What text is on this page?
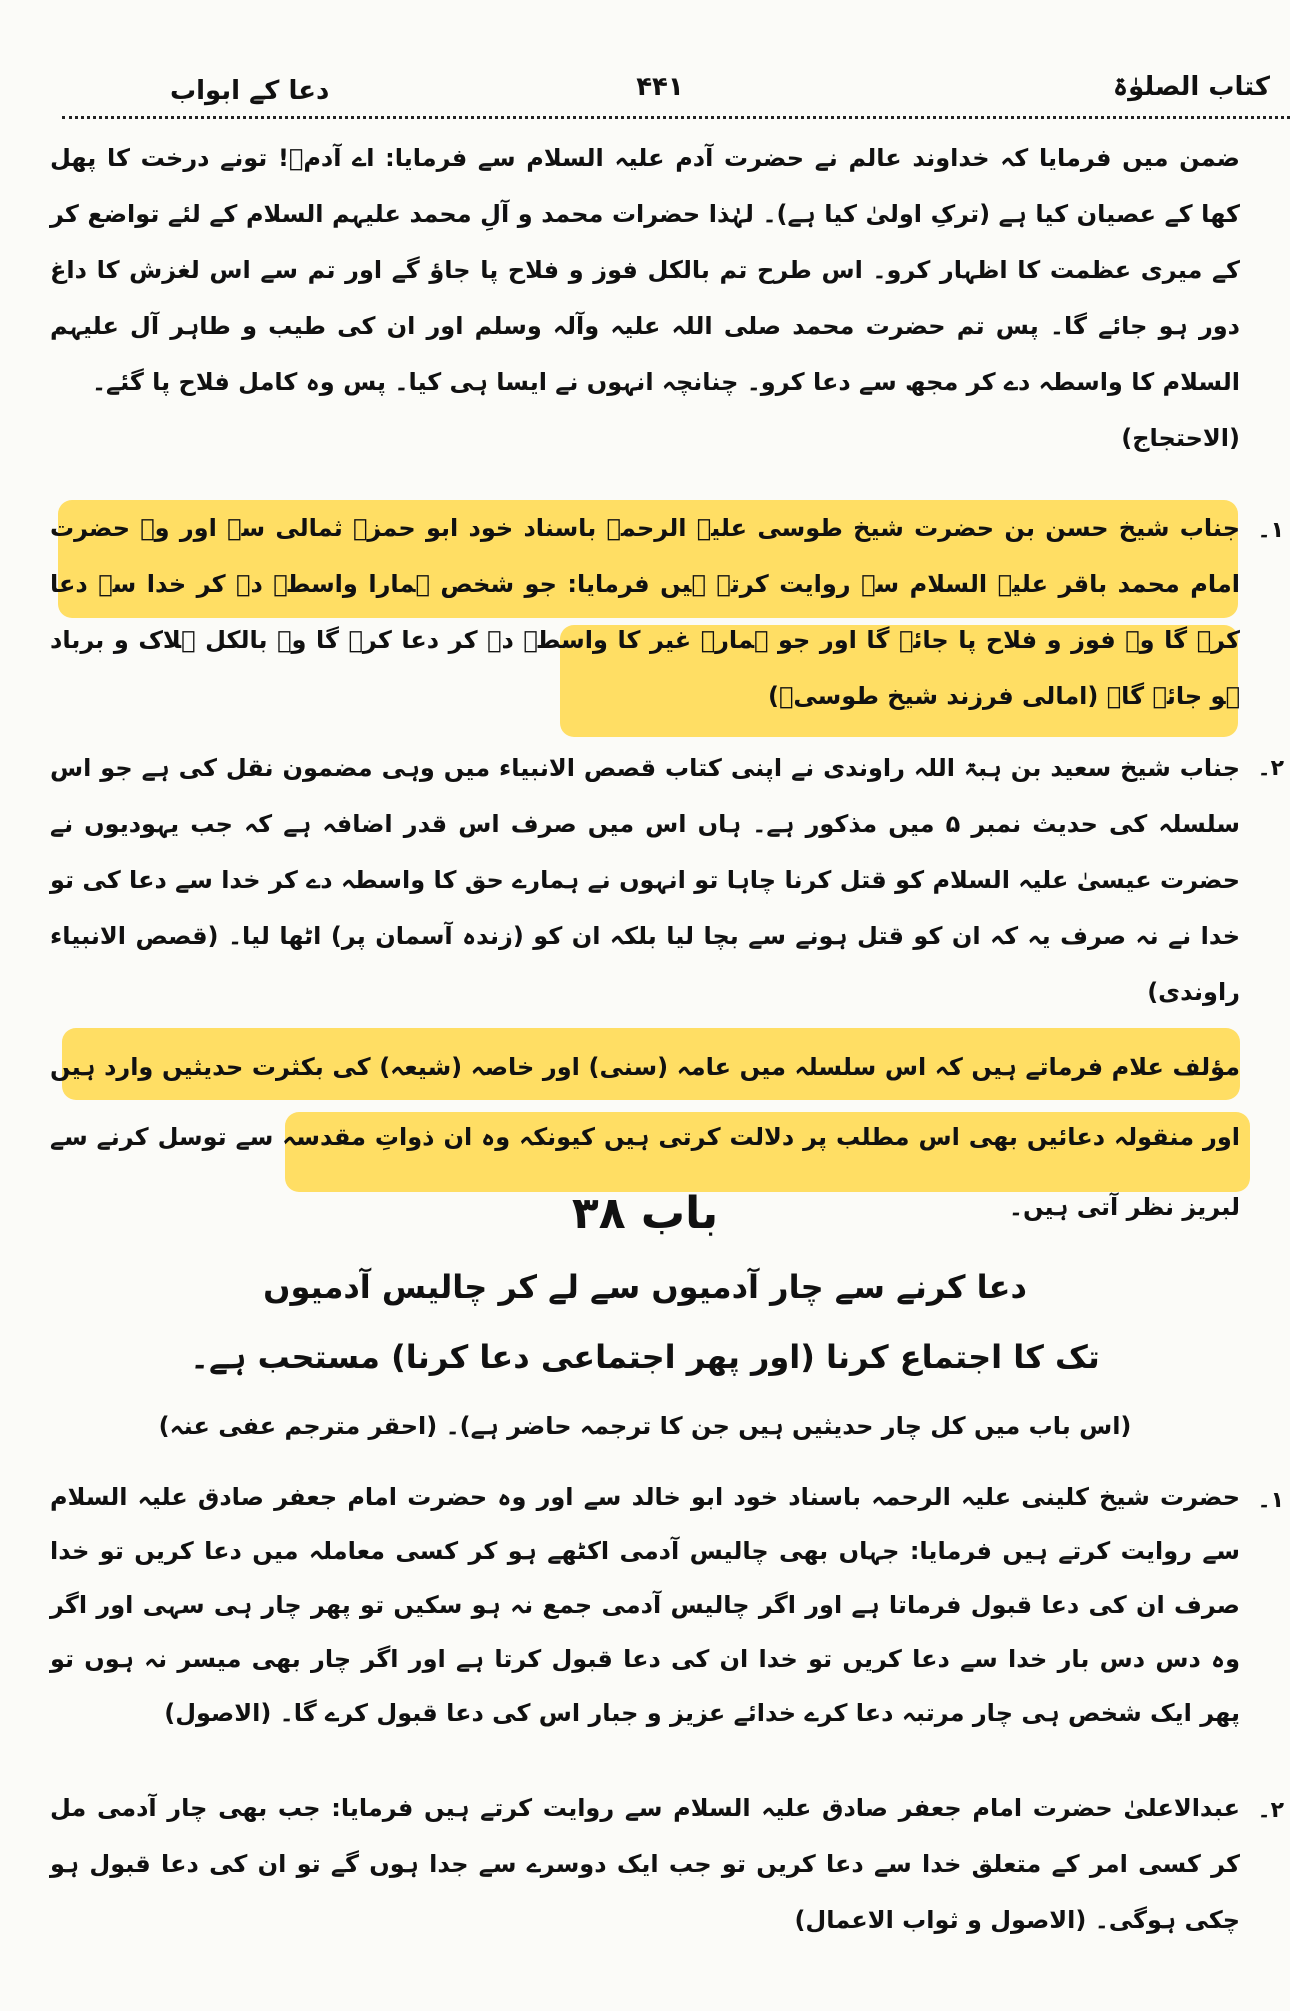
کتاب الصلوٰۃ
۴۴۱
دعا کے ابواب
ضمن میں فرمایا کہ خداوند عالم نے حضرت آدم علیہ السلام سے فرمایا: اے آدمؑ! تونے درخت کا پھل کھا کے عصیان کیا ہے (ترکِ اولیٰ کیا ہے)۔ لہٰذا حضرات محمد و آلِ محمد علیہم السلام کے لئے تواضع کر کے میری عظمت کا اظہار کرو۔ اس طرح تم بالکل فوز و فلاح پا جاؤ گے اور تم سے اس لغزش کا داغ دور ہو جائے گا۔ پس تم حضرت محمد صلی اللہ علیہ وآلہ وسلم اور ان کی طیب و طاہر آل علیہم السلام کا واسطہ دے کر مجھ سے دعا کرو۔ چنانچہ انہوں نے ایسا ہی کیا۔ پس وہ کامل فلاح پا گئے۔
(الاحتجاج)
۱۔
جناب شیخ حسن بن حضرت شیخ طوسی علیہ الرحمہ باسناد خود ابو حمزہ ثمالی سے اور وہ حضرت امام محمد باقر علیہ السلام سے روایت کرتے ہیں فرمایا: جو شخص ہمارا واسطہ دے کر خدا سے دعا کرے گا وہ فوز و فلاح پا جائے گا اور جو ہمارے غیر کا واسطہ دے کر دعا کرے گا وہ بالکل ہلاک و برباد ہو جائے گا۔ (امالی فرزند شیخ طوسیؒ)
۲۔
جناب شیخ سعید بن ہبۃ اللہ راوندی نے اپنی کتاب قصص الانبیاء میں وہی مضمون نقل کی ہے جو اس سلسلہ کی حدیث نمبر ۵ میں مذکور ہے۔ ہاں اس میں صرف اس قدر اضافہ ہے کہ جب یہودیوں نے حضرت عیسیٰ علیہ السلام کو قتل کرنا چاہا تو انہوں نے ہمارے حق کا واسطہ دے کر خدا سے دعا کی تو خدا نے نہ صرف یہ کہ ان کو قتل ہونے سے بچا لیا بلکہ ان کو (زندہ آسمان پر) اٹھا لیا۔ (قصص الانبیاء راوندی)
مؤلف علام فرماتے ہیں کہ اس سلسلہ میں عامہ (سنی) اور خاصہ (شیعہ) کی بکثرت حدیثیں وارد ہیں اور منقولہ دعائیں بھی اس مطلب پر دلالت کرتی ہیں کیونکہ وہ ان ذواتِ مقدسہ سے توسل کرنے سے لبریز نظر آتی ہیں۔
باب ۳۸
دعا کرنے سے چار آدمیوں سے لے کر چالیس آدمیوں
تک کا اجتماع کرنا (اور پھر اجتماعی دعا کرنا) مستحب ہے۔
(اس باب میں کل چار حدیثیں ہیں جن کا ترجمہ حاضر ہے)۔ (احقر مترجم عفی عنہ)
۱۔
حضرت شیخ کلینی علیہ الرحمہ باسناد خود ابو خالد سے اور وہ حضرت امام جعفر صادق علیہ السلام سے روایت کرتے ہیں فرمایا: جہاں بھی چالیس آدمی اکٹھے ہو کر کسی معاملہ میں دعا کریں تو خدا صرف ان کی دعا قبول فرماتا ہے اور اگر چالیس آدمی جمع نہ ہو سکیں تو پھر چار ہی سہی اور اگر وہ دس دس بار خدا سے دعا کریں تو خدا ان کی دعا قبول کرتا ہے اور اگر چار بھی میسر نہ ہوں تو پھر ایک شخص ہی چار مرتبہ دعا کرے خدائے عزیز و جبار اس کی دعا قبول کرے گا۔ (الاصول)
۲۔
عبدالاعلیٰ حضرت امام جعفر صادق علیہ السلام سے روایت کرتے ہیں فرمایا: جب بھی چار آدمی مل کر کسی امر کے متعلق خدا سے دعا کریں تو جب ایک دوسرے سے جدا ہوں گے تو ان کی دعا قبول ہو چکی ہوگی۔ (الاصول و ثواب الاعمال)
